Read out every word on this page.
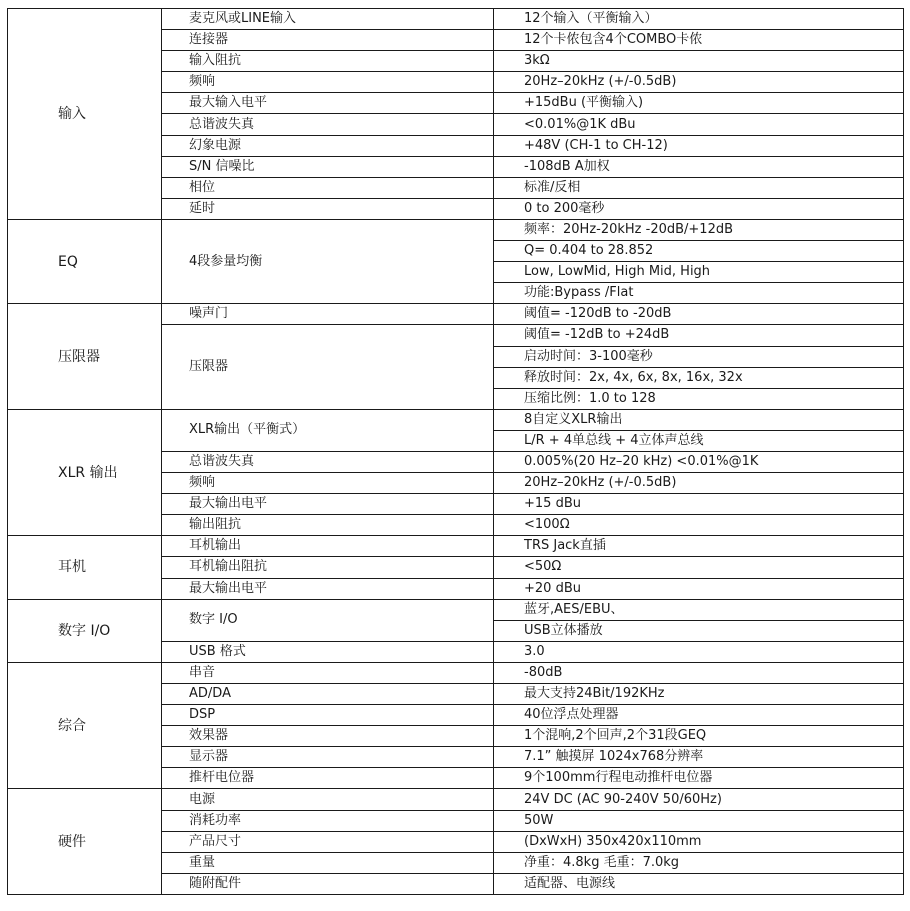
输入	麦克风或LINE输入	12个输入（平衡输入）
	连接器	12个卡侬包含4个COMBO卡侬
	输入阻抗	3kΩ
	频响	20Hz–20kHz (+/-0.5dB)
	最大输入电平	+15dBu (平衡输入)
	总谐波失真	<0.01%@1K dBu
	幻象电源	+48V (CH-1 to CH-12)
	S/N 信噪比	-108dB A加权
	相位	标准/反相
	延时	0 to 200毫秒
EQ	4段参量均衡	频率：20Hz-20kHz -20dB/+12dB
		Q= 0.404 to 28.852
		Low, LowMid, High Mid, High
		功能:Bypass /Flat
压限器	噪声门	阈值= -120dB to -20dB
	压限器	阈值= -12dB to +24dB
		启动时间：3-100毫秒
		释放时间：2x, 4x, 6x, 8x, 16x, 32x
		压缩比例：1.0 to 128
XLR 输出	XLR输出（平衡式）	8自定义XLR输出
		L/R + 4单总线 + 4立体声总线
	总谐波失真	0.005%(20 Hz–20 kHz) <0.01%@1K
	频响	20Hz–20kHz (+/-0.5dB)
	最大输出电平	+15 dBu
	输出阻抗	<100Ω
耳机	耳机输出	TRS Jack直插
	耳机输出阻抗	<50Ω
	最大输出电平	+20 dBu
数字 I/O	数字 I/O	蓝牙,AES/EBU、
		USB立体播放
	USB 格式	3.0
综合	串音	-80dB
	AD/DA	最大支持24Bit/192KHz
	DSP	40位浮点处理器
	效果器	1个混响,2个回声,2个31段GEQ
	显示器	7.1” 触摸屏 1024x768分辨率
	推杆电位器	9个100mm行程电动推杆电位器
硬件	电源	24V DC (AC 90-240V 50/60Hz)
	消耗功率	50W
	产品尺寸	(DxWxH) 350x420x110mm
	重量	净重：4.8kg 毛重：7.0kg
	随附配件	适配器、电源线
